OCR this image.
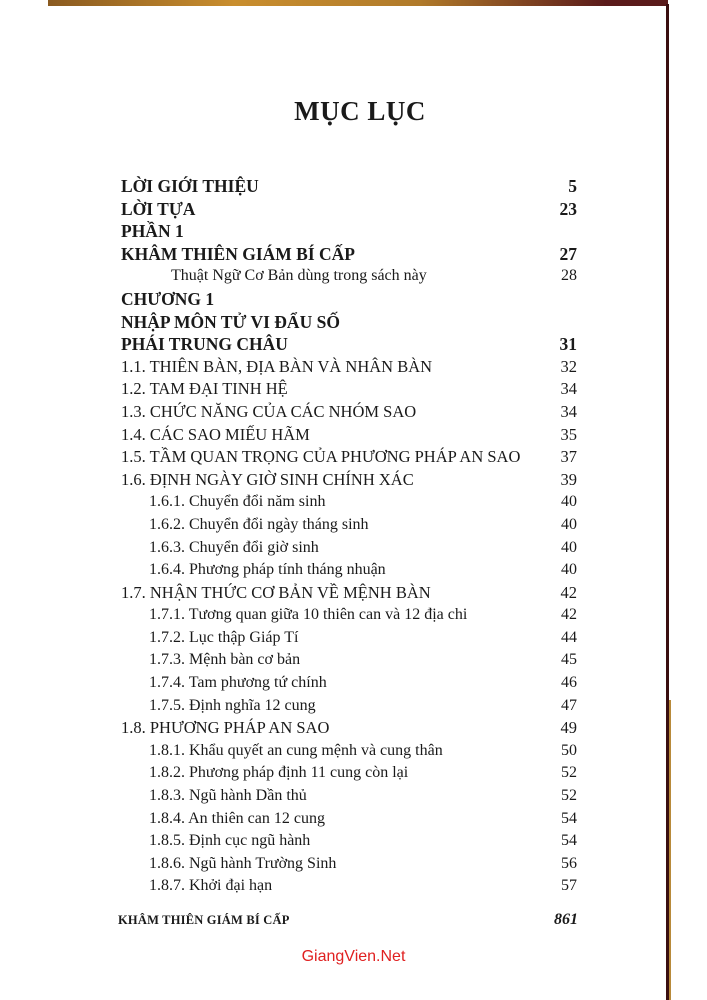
MỤC LỤC
LỜI GIỚI THIỆU	5
LỜI TỰA	23
PHẦN 1
KHÂM THIÊN GIÁM BÍ CẤP	27
Thuật Ngữ Cơ Bản dùng trong sách này	28
CHƯƠNG 1
NHẬP MÔN TỬ VI ĐẨU SỐ
PHÁI TRUNG CHÂU	31
1.1. THIÊN BÀN, ĐỊA BÀN VÀ NHÂN BÀN	32
1.2. TAM ĐẠI TINH HỆ	34
1.3. CHỨC NĂNG CỦA CÁC NHÓM SAO	34
1.4. CÁC SAO MIẾU HÃM	35
1.5. TẦM QUAN TRỌNG CỦA PHƯƠNG PHÁP AN SAO	37
1.6. ĐỊNH NGÀY GIỜ SINH CHÍNH XÁC	39
1.6.1. Chuyển đổi năm sinh	40
1.6.2. Chuyển đổi ngày tháng sinh	40
1.6.3. Chuyển đổi giờ sinh	40
1.6.4. Phương pháp tính tháng nhuận	40
1.7. NHẬN THỨC CƠ BẢN VỀ MỆNH BÀN	42
1.7.1. Tương quan giữa 10 thiên can và 12 địa chi	42
1.7.2. Lục thập Giáp Tí	44
1.7.3. Mệnh bàn cơ bản	45
1.7.4. Tam phương tứ chính	46
1.7.5. Định nghĩa 12 cung	47
1.8. PHƯƠNG PHÁP AN SAO	49
1.8.1. Khẩu quyết an cung mệnh và cung thân	50
1.8.2. Phương pháp định 11 cung còn lại	52
1.8.3. Ngũ hành Dần thủ	52
1.8.4. An thiên can 12 cung	54
1.8.5. Định cục ngũ hành	54
1.8.6. Ngũ hành Trường Sinh	56
1.8.7. Khởi đại hạn	57
KHÂM THIÊN GIÁM BÍ CẤP	861
GiangVien.Net
